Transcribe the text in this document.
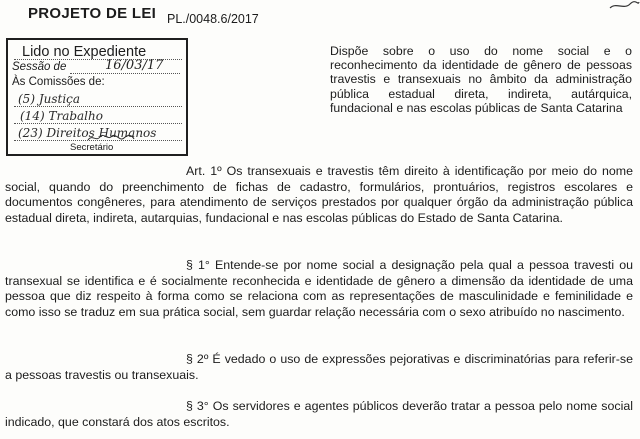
PROJETO DE LEI PL./0048.6/2017
Lido no Expediente
Sessão de	16/03/17
Às Comissões de:
(5) Justiça
(14) Trabalho
(23) Direitos Humanos
Secretário
Dispõe sobre o uso do nome social e o reconhecimento da identidade de gênero de pessoas travestis e transexuais no âmbito da administração pública estadual direta, indireta, autárquica, fundacional e nas escolas públicas de Santa Catarina
Art. 1º Os transexuais e travestis têm direito à identificação por meio do nome social, quando do preenchimento de fichas de cadastro, formulários, prontuários, registros escolares e documentos congêneres, para atendimento de serviços prestados por qualquer órgão da administração pública estadual direta, indireta, autarquias, fundacional e nas escolas públicas do Estado de Santa Catarina.
§ 1° Entende-se por nome social a designação pela qual a pessoa travesti ou transexual se identifica e é socialmente reconhecida e identidade de gênero a dimensão da identidade de uma pessoa que diz respeito à forma como se relaciona com as representações de masculinidade e feminilidade e como isso se traduz em sua prática social, sem guardar relação necessária com o sexo atribuído no nascimento.
§ 2º É vedado o uso de expressões pejorativas e discriminatórias para referir-se a pessoas travestis ou transexuais.
§ 3° Os servidores e agentes públicos deverão tratar a pessoa pelo nome social indicado, que constará dos atos escritos.
